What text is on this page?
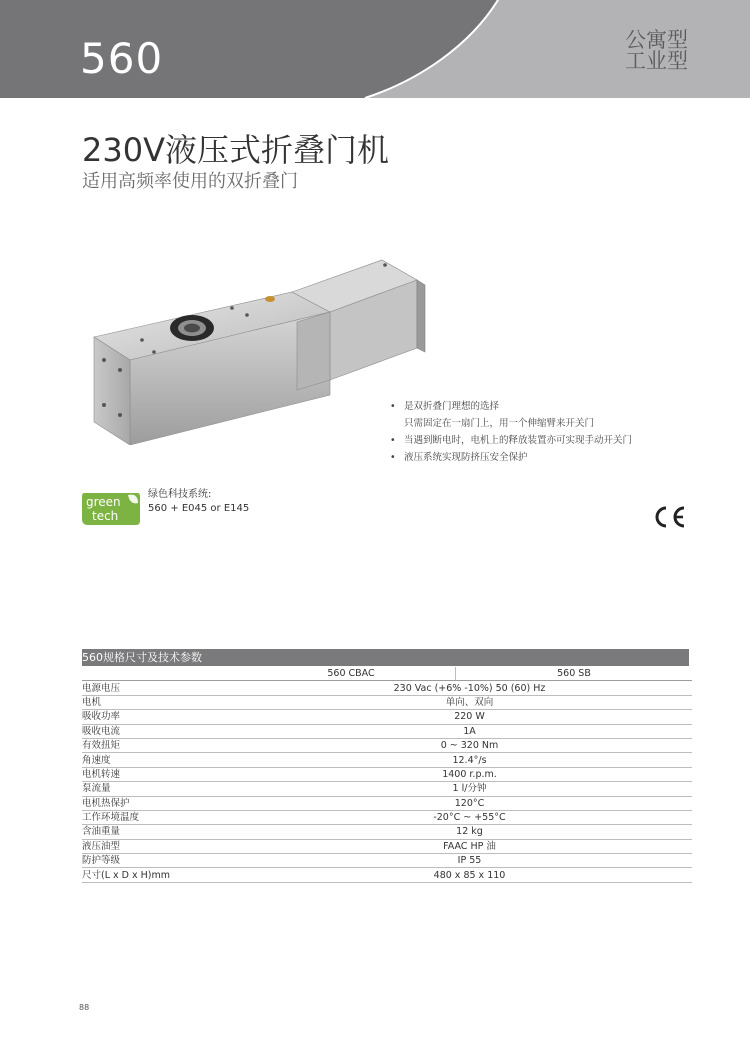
560	公寓型
工业型
230V液压式折叠门机
适用高频率使用的双折叠门
• 是双折叠门理想的选择
只需固定在一扇门上，用一个伸缩臂来开关门
• 当遇到断电时，电机上的释放装置亦可实现手动开关门
• 液压系统实现防挤压安全保护
green
tech
绿色科技系统:
560 + E045 or E145
560规格尺寸及技术参数
	560 CBAC	560 SB
电源电压	230 Vac (+6% -10%) 50 (60) Hz	
电机	单向、双向	
吸收功率	220 W	
吸收电流	1A	
有效扭矩	0 ~ 320 Nm	
角速度	12.4°/s	
电机转速	1400 r.p.m.	
泵流量	1 l/分钟	
电机热保护	120°C	
工作环境温度	-20°C ~ +55°C	
含油重量	12 kg	
液压油型	FAAC HP 油	
防护等级	IP 55	
尺寸(L x D x H)mm	480 x 85 x 110	
88
